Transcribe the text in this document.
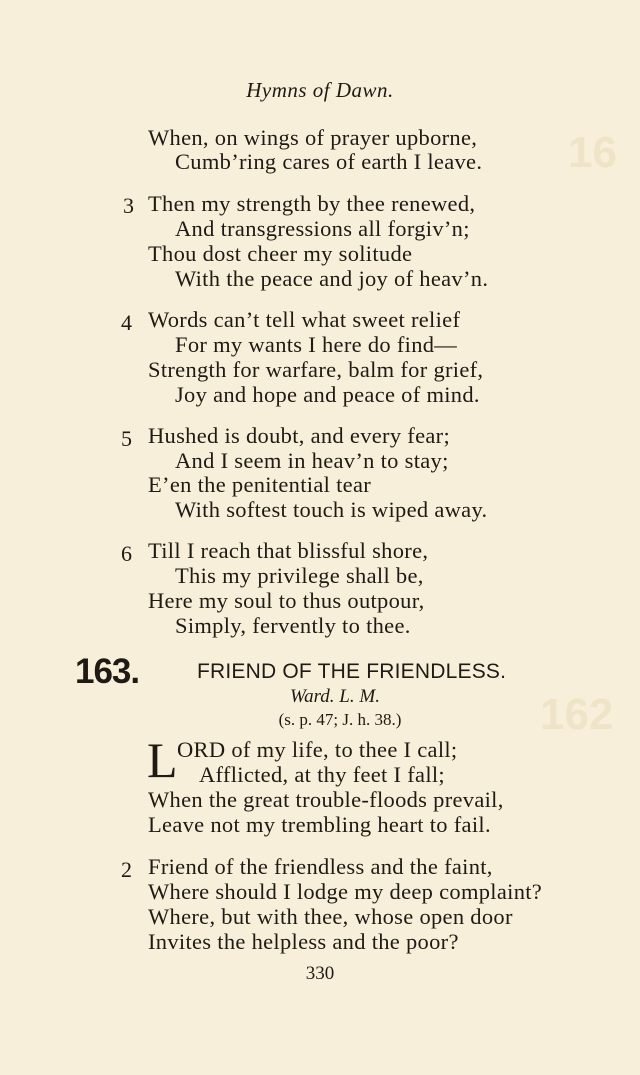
16
162
Hymns of Dawn.
When, on wings of prayer upborne,
Cumb’ring cares of earth I leave.
3 Then my strength by thee renewed,
And transgressions all forgiv’n;
Thou dost cheer my solitude
With the peace and joy of heav’n.
4 Words can’t tell what sweet relief
For my wants I here do find—
Strength for warfare, balm for grief,
Joy and hope and peace of mind.
5 Hushed is doubt, and every fear;
And I seem in heav’n to stay;
E’en the penitential tear
With softest touch is wiped away.
6 Till I reach that blissful shore,
This my privilege shall be,
Here my soul to thus outpour,
Simply, fervently to thee.
163.	FRIEND OF THE FRIENDLESS.
Ward. L. M.
(s. p. 47; J. h. 38.)
L ORD of my life, to thee I call;
Afflicted, at thy feet I fall;
When the great trouble-floods prevail,
Leave not my trembling heart to fail.
2 Friend of the friendless and the faint,
Where should I lodge my deep complaint?
Where, but with thee, whose open door
Invites the helpless and the poor?
330
